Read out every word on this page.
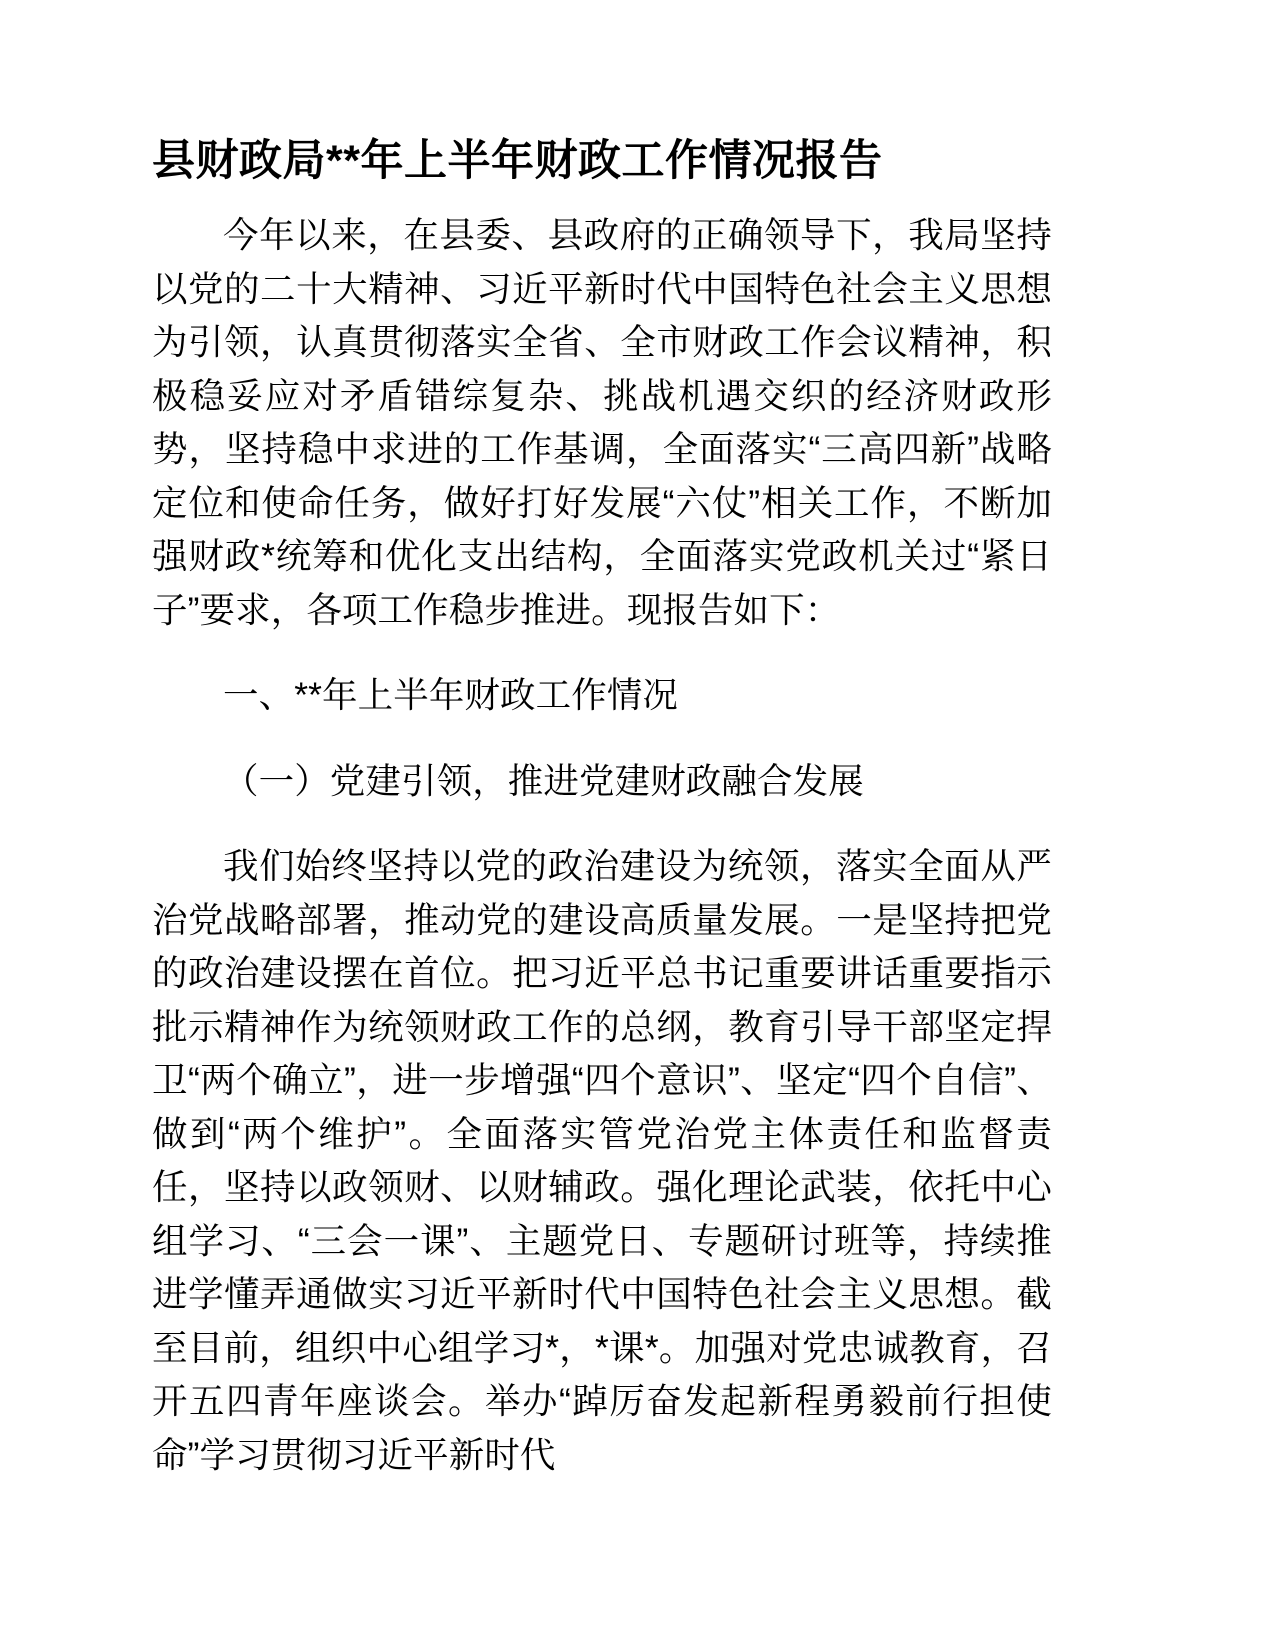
县财政局**年上半年财政工作情况报告

今年以来，在县委、县政府的正确领导下，我局坚持以党的二十大精神、习近平新时代中国特色社会主义思想为引领，认真贯彻落实全省、全市财政工作会议精神，积极稳妥应对矛盾错综复杂、挑战机遇交织的经济财政形势，坚持稳中求进的工作基调，全面落实“三高四新”战略定位和使命任务，做好打好发展“六仗”相关工作，不断加强财政*统筹和优化支出结构，全面落实党政机关过“紧日子”要求，各项工作稳步推进。现报告如下：

一、**年上半年财政工作情况

（一）党建引领，推进党建财政融合发展

我们始终坚持以党的政治建设为统领，落实全面从严治党战略部署，推动党的建设高质量发展。一是坚持把党的政治建设摆在首位。把习近平总书记重要讲话重要指示批示精神作为统领财政工作的总纲，教育引导干部坚定捍卫“两个确立”，进一步增强“四个意识”、坚定“四个自信”、做到“两个维护”。全面落实管党治党主体责任和监督责任，坚持以政领财、以财辅政。强化理论武装，依托中心组学习、“三会一课”、主题党日、专题研讨班等，持续推进学懂弄通做实习近平新时代中国特色社会主义思想。截至目前，组织中心组学习*，*课*。加强对党忠诚教育，召开五四青年座谈会。举办“踔厉奋发起新程勇毅前行担使命”学习贯彻习近平新时代
